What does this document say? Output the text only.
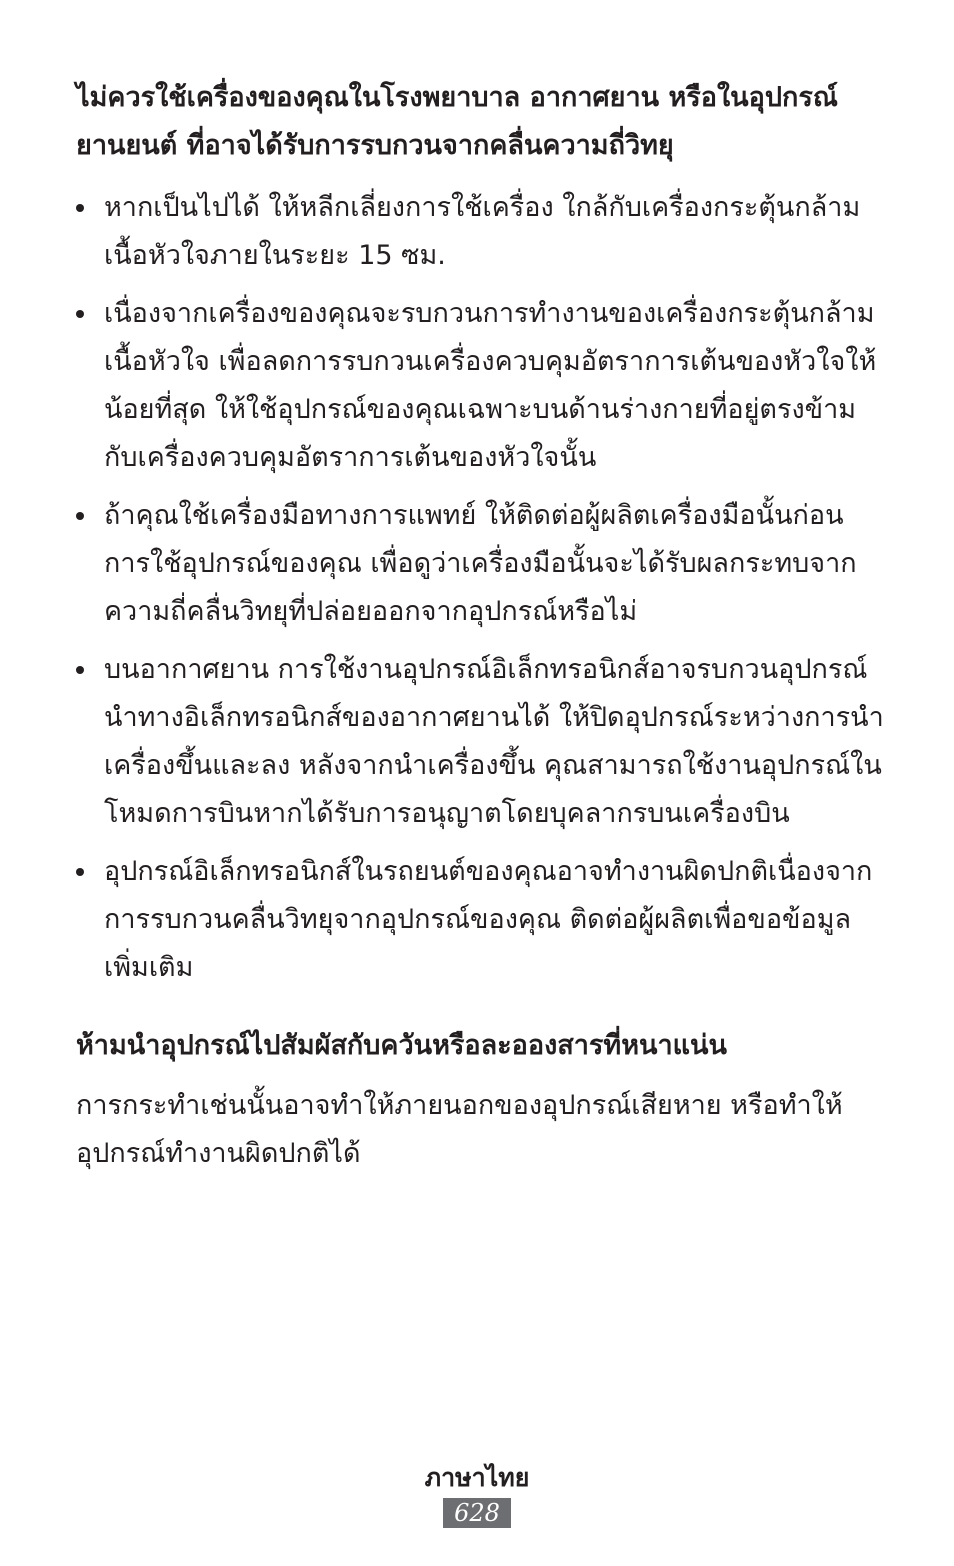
ไม่ควรใช้เครื่องของคุณในโรงพยาบาล อากาศยาน หรือในอุปกรณ์ยานยนต์ ที่อาจได้รับการรบกวนจากคลื่นความถี่วิทยุ
หากเป็นไปได้ ให้หลีกเลี่ยงการใช้เครื่อง ใกล้กับเครื่องกระตุ้นกล้ามเนื้อหัวใจภายในระยะ 15 ซม.
เนื่องจากเครื่องของคุณจะรบกวนการทำงานของเครื่องกระตุ้นกล้ามเนื้อหัวใจ เพื่อลดการรบกวนเครื่องควบคุมอัตราการเต้นของหัวใจให้น้อยที่สุด ให้ใช้อุปกรณ์ของคุณเฉพาะบนด้านร่างกายที่อยู่ตรงข้ามกับเครื่องควบคุมอัตราการเต้นของหัวใจนั้น
ถ้าคุณใช้เครื่องมือทางการแพทย์ ให้ติดต่อผู้ผลิตเครื่องมือนั้นก่อนการใช้อุปกรณ์ของคุณ เพื่อดูว่าเครื่องมือนั้นจะได้รับผลกระทบจากความถี่คลื่นวิทยุที่ปล่อยออกจากอุปกรณ์หรือไม่
บนอากาศยาน การใช้งานอุปกรณ์อิเล็กทรอนิกส์อาจรบกวนอุปกรณ์นำทางอิเล็กทรอนิกส์ของอากาศยานได้ ให้ปิดอุปกรณ์ระหว่างการนำเครื่องขึ้นและลง หลังจากนำเครื่องขึ้น คุณสามารถใช้งานอุปกรณ์ในโหมดการบินหากได้รับการอนุญาตโดยบุคลากรบนเครื่องบิน
อุปกรณ์อิเล็กทรอนิกส์ในรถยนต์ของคุณอาจทำงานผิดปกติเนื่องจากการรบกวนคลื่นวิทยุจากอุปกรณ์ของคุณ ติดต่อผู้ผลิตเพื่อขอข้อมูลเพิ่มเติม
ห้ามนำอุปกรณ์ไปสัมผัสกับควันหรือละอองสารที่หนาแน่น

การกระทำเช่นนั้นอาจทำให้ภายนอกของอุปกรณ์เสียหาย หรือทำให้อุปกรณ์ทำงานผิดปกติได้

ภาษาไทย
628
